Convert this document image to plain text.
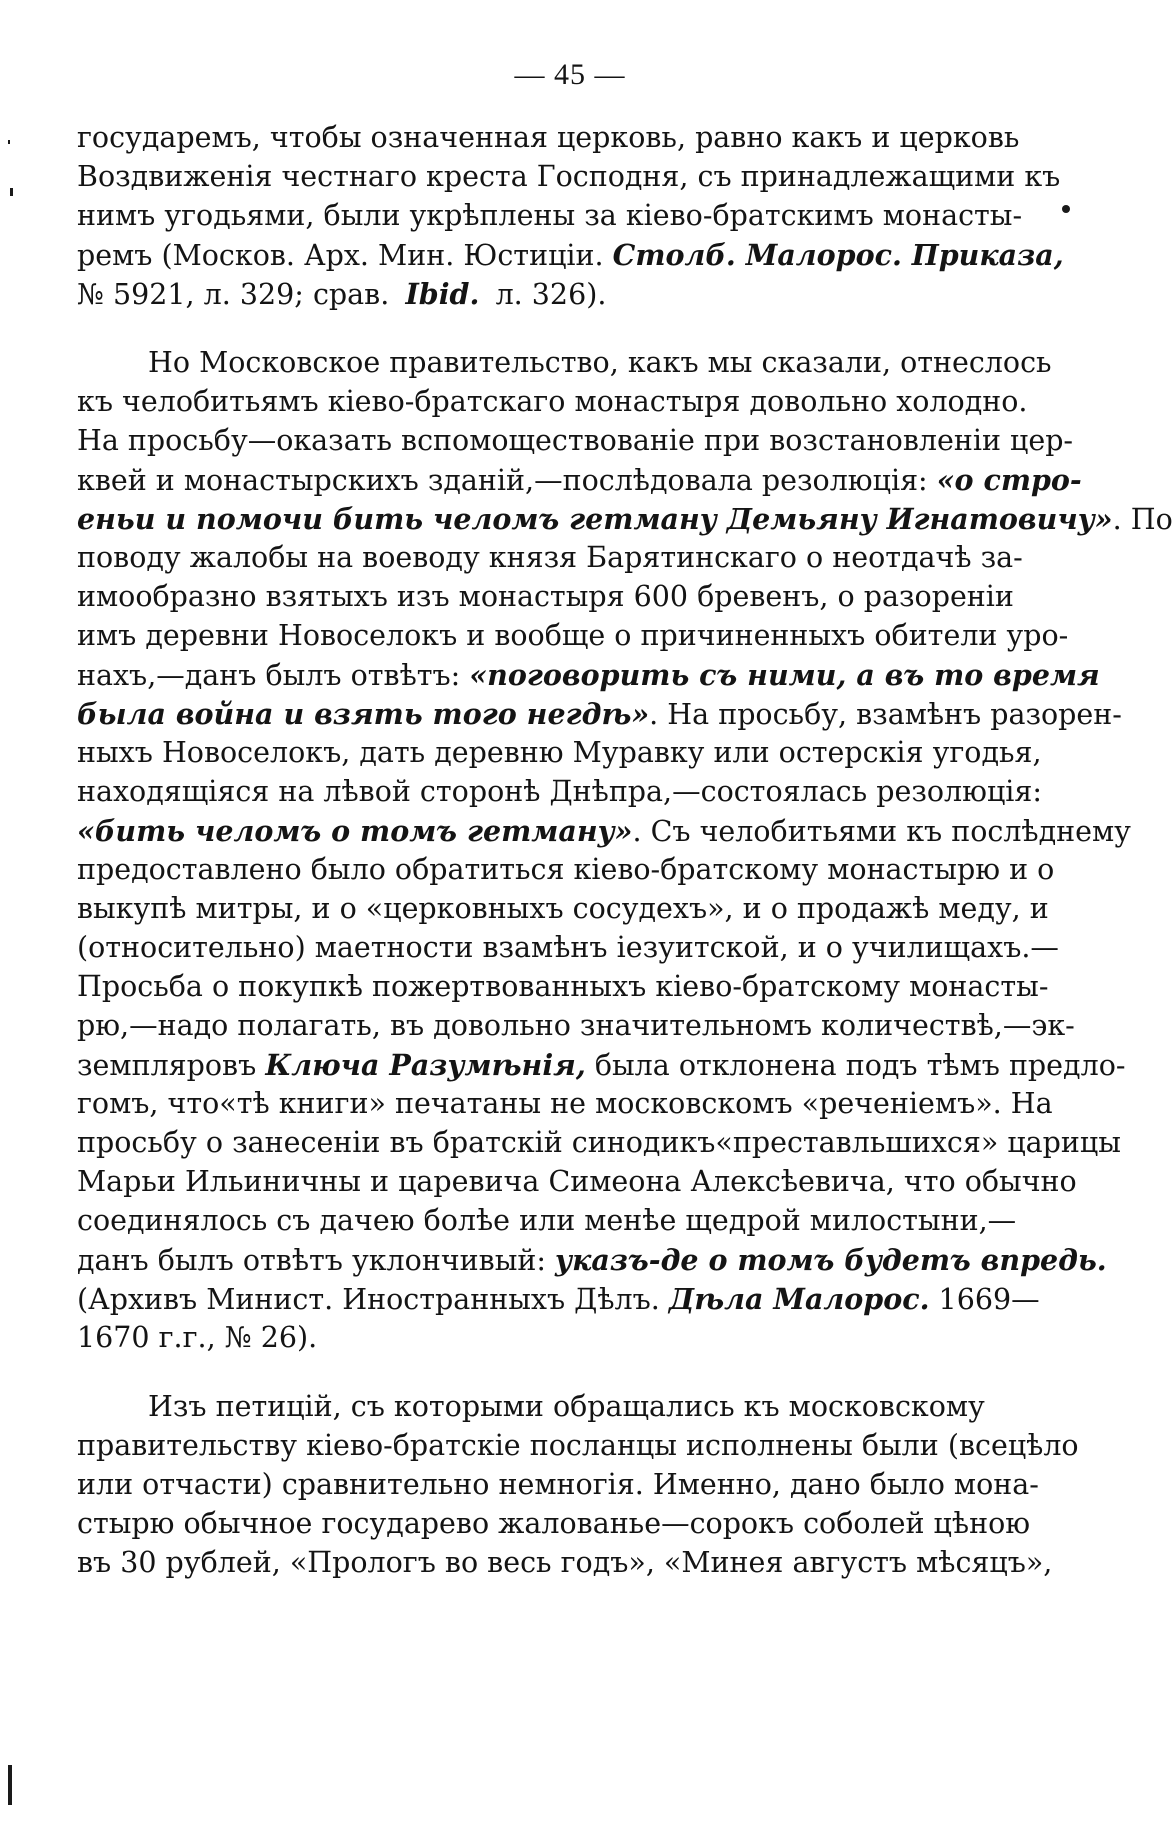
— 45 —
государемъ, чтобы означенная церковь, равно какъ и церковь
Воздвиженія честнаго креста Господня, съ принадлежащими къ
нимъ угодьями, были укрѣплены за кіево-братскимъ монасты-
ремъ (Москов. Арх. Мин. Юстиціи. Столб. Малорос. Приказа,
№ 5921, л. 329; срав. Ibid. л. 326).
Но Московское правительство, какъ мы сказали, отнеслось
къ челобитьямъ кіево-братскаго монастыря довольно холодно.
На просьбу—оказать вспомоществованіе при возстановленіи цер-
квей и монастырскихъ зданій,—послѣдовала резолюція: «о стро-
еньи и помочи бить челомъ гетману Демьяну Игнатовичу». По
поводу жалобы на воеводу князя Барятинскаго о неотдачѣ за-
имообразно взятыхъ изъ монастыря 600 бревенъ, о разореніи
имъ деревни Новоселокъ и вообще о причиненныхъ обители уро-
нахъ,—данъ былъ отвѣтъ: «поговорить съ ними, а въ то время
была война и взять того негдѣ». На просьбу, взамѣнъ разорен-
ныхъ Новоселокъ, дать деревню Муравку или остерскія угодья,
находящіяся на лѣвой сторонѣ Днѣпра,—состоялась резолюція:
«бить челомъ о томъ гетману». Съ челобитьями къ послѣднему
предоставлено было обратиться кіево-братскому монастырю и о
выкупѣ митры, и о «церковныхъ сосудехъ», и о продажѣ меду, и
(относительно) маетности взамѣнъ іезуитской, и о училищахъ.—
Просьба о покупкѣ пожертвованныхъ кіево-братскому монасты-
рю,—надо полагать, въ довольно значительномъ количествѣ,—эк-
земпляровъ Ключа Разумѣнія, была отклонена подъ тѣмъ предло-
гомъ, что«тѣ книги» печатаны не московскомъ «реченіемъ». На
просьбу о занесеніи въ братскій синодикъ«преставльшихся» царицы
Марьи Ильиничны и царевича Симеона Алексѣевича, что обычно
соединялось съ дачею болѣе или менѣе щедрой милостыни,—
данъ былъ отвѣтъ уклончивый: указъ-де о томъ будетъ впредь.
(Архивъ Минист. Иностранныхъ Дѣлъ. Дѣла Малорос. 1669—
1670 г.г., № 26).
Изъ петицій, съ которыми обращались къ московскому
правительству кіево-братскіе посланцы исполнены были (всецѣло
или отчасти) сравнительно немногія. Именно, дано было мона-
стырю обычное государево жалованье—сорокъ соболей цѣною
въ 30 рублей, «Прологъ во весь годъ», «Минея августъ мѣсяцъ»,
